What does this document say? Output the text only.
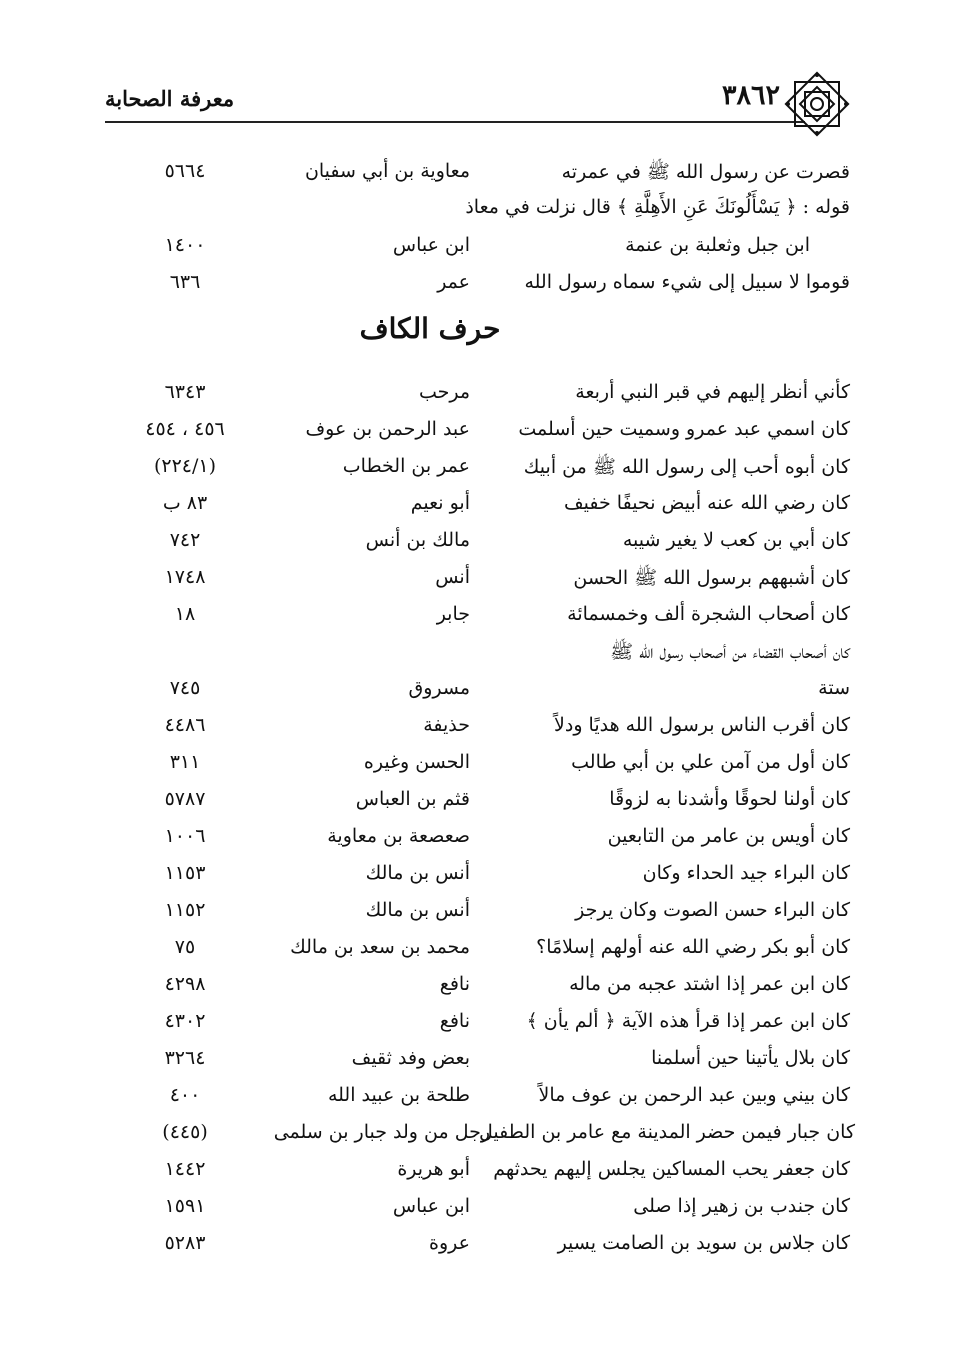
معرفة الصحابة	٣٨٦٢
قصرت عن رسول الله ﷺ في عمرته
معاوية بن أبي سفيان
٥٦٦٤
قوله : ﴿ يَسْأَلُونَكَ عَنِ الأَهِلَّةِ ﴾ قال نزلت في معاذ
ابن جبل وثعلبة بن عنمة
ابن عباس
١٤٠٠
قوموا لا سبيل إلى شيء سماه رسول الله
عمر
٦٣٦
حرف الكاف
كأني أنظر إليهم في قبر النبي أربعة
مرحب
٦٣٤٣
كان اسمي عبد عمرو وسميت حين أسلمت
عبد الرحمن بن عوف
٤٥٦ ، ٤٥٤
كان أبوه أحب إلى رسول الله ﷺ من أبيك
عمر بن الخطاب
(٢٢٤/١)
كان رضي الله عنه أبيض نحيفًا خفيف
أبو نعيم
٨٣ ب
كان أبي بن كعب لا يغير شيبه
مالك بن أنس
٧٤٢
كان أشبههم برسول الله ﷺ الحسن
أنس
١٧٤٨
كان أصحاب الشجرة ألف وخمسمائة
جابر
١٨
كان أصحاب القضاء من أصحاب رسول الله ﷺ
ستة
مسروق
٧٤٥
كان أقرب الناس برسول الله هديًا ودلاً
حذيفة
٤٤٨٦
كان أول من آمن علي بن أبي طالب
الحسن وغيره
٣١١
كان أولنا لحوقًا وأشدنا به لزوقًا
قثم بن العباس
٥٧٨٧
كان أويس بن عامر من التابعين
صعصعة بن معاوية
١٠٠٦
كان البراء جيد الحداء وكان
أنس بن مالك
١١٥٣
كان البراء حسن الصوت وكان يرجز
أنس بن مالك
١١٥٢
كان أبو بكر رضي الله عنه أولهم إسلامًا؟
محمد بن سعد بن مالك
٧٥
كان ابن عمر إذا اشتد عجبه من ماله
نافع
٤٢٩٨
كان ابن عمر إذا قرأ هذه الآية ﴿ ألم يأن ﴾
نافع
٤٣٠٢
كان بلال يأتينا حين أسلمنا
بعض وفد ثقيف
٣٢٦٤
كان بيني وبين عبد الرحمن بن عوف مالاً
طلحة بن عبيد الله
٤٠٠
كان جبار فيمن حضر المدينة مع عامر بن الطفيل
رجل من ولد جبار بن سلمى
(٤٤٥)
كان جعفر يحب المساكين يجلس إليهم يحدثهم
أبو هريرة
١٤٤٢
كان جندب بن زهير إذا صلى
ابن عباس
١٥٩١
كان جلاس بن سويد بن الصامت يسير
عروة
٥٢٨٣
